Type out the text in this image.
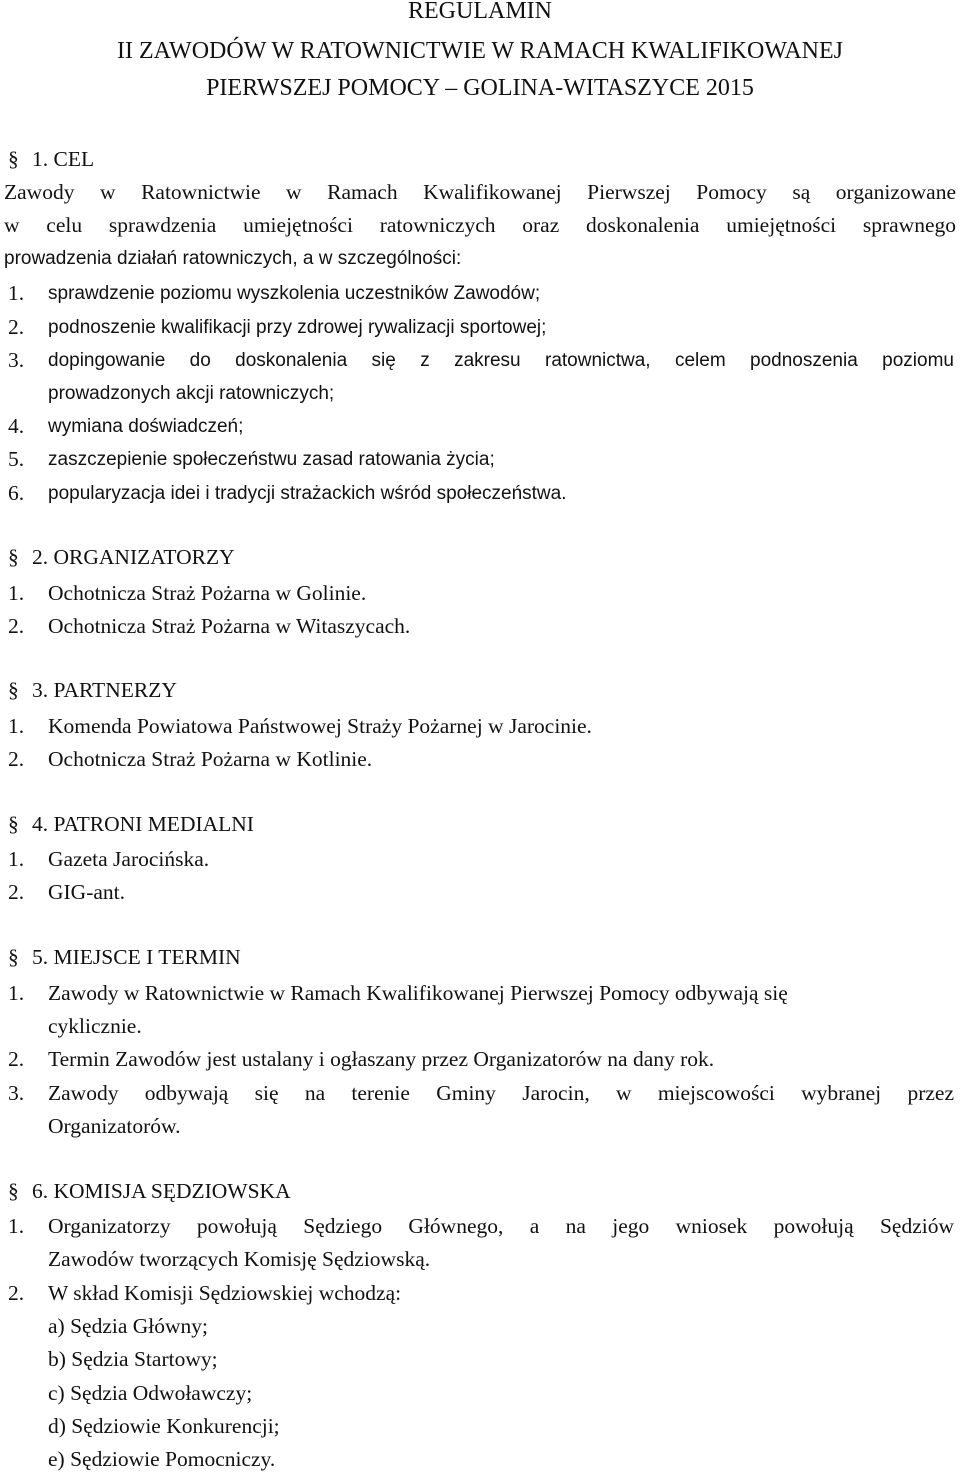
REGULAMIN
II ZAWODÓW W RATOWNICTWIE W RAMACH KWALIFIKOWANEJ
PIERWSZEJ POMOCY – GOLINA-WITASZYCE 2015
§ 1. CEL
Zawody w Ratownictwie w Ramach Kwalifikowanej Pierwszej Pomocy są organizowane
w celu sprawdzenia umiejętności ratowniczych oraz doskonalenia umiejętności sprawnego
prowadzenia działań ratowniczych, a w szczególności:
1.	sprawdzenie poziomu wyszkolenia uczestników Zawodów;
2.	podnoszenie kwalifikacji przy zdrowej rywalizacji sportowej;
3.	dopingowanie do doskonalenia się z zakresu ratownictwa, celem podnoszenia poziomu
prowadzonych akcji ratowniczych;
4.	wymiana doświadczeń;
5.	zaszczepienie społeczeństwu zasad ratowania życia;
6.	popularyzacja idei i tradycji strażackich wśród społeczeństwa.
§ 2. ORGANIZATORZY
1.	Ochotnicza Straż Pożarna w Golinie.
2.	Ochotnicza Straż Pożarna w Witaszycach.
§ 3. PARTNERZY
1.	Komenda Powiatowa Państwowej Straży Pożarnej w Jarocinie.
2.	Ochotnicza Straż Pożarna w Kotlinie.
§ 4. PATRONI MEDIALNI
1.	Gazeta Jarocińska.
2.	GIG-ant.
§ 5. MIEJSCE I TERMIN
1.	Zawody w Ratownictwie w Ramach Kwalifikowanej Pierwszej Pomocy odbywają się
cyklicznie.
2.	Termin Zawodów jest ustalany i ogłaszany przez Organizatorów na dany rok.
3.	Zawody odbywają się na terenie Gminy Jarocin, w miejscowości wybranej przez
Organizatorów.
§ 6. KOMISJA SĘDZIOWSKA
1.	Organizatorzy powołują Sędziego Głównego, a na jego wniosek powołują Sędziów
Zawodów tworzących Komisję Sędziowską.
2.	W skład Komisji Sędziowskiej wchodzą:
a) Sędzia Główny;
b) Sędzia Startowy;
c) Sędzia Odwoławczy;
d) Sędziowie Konkurencji;
e) Sędziowie Pomocniczy.
